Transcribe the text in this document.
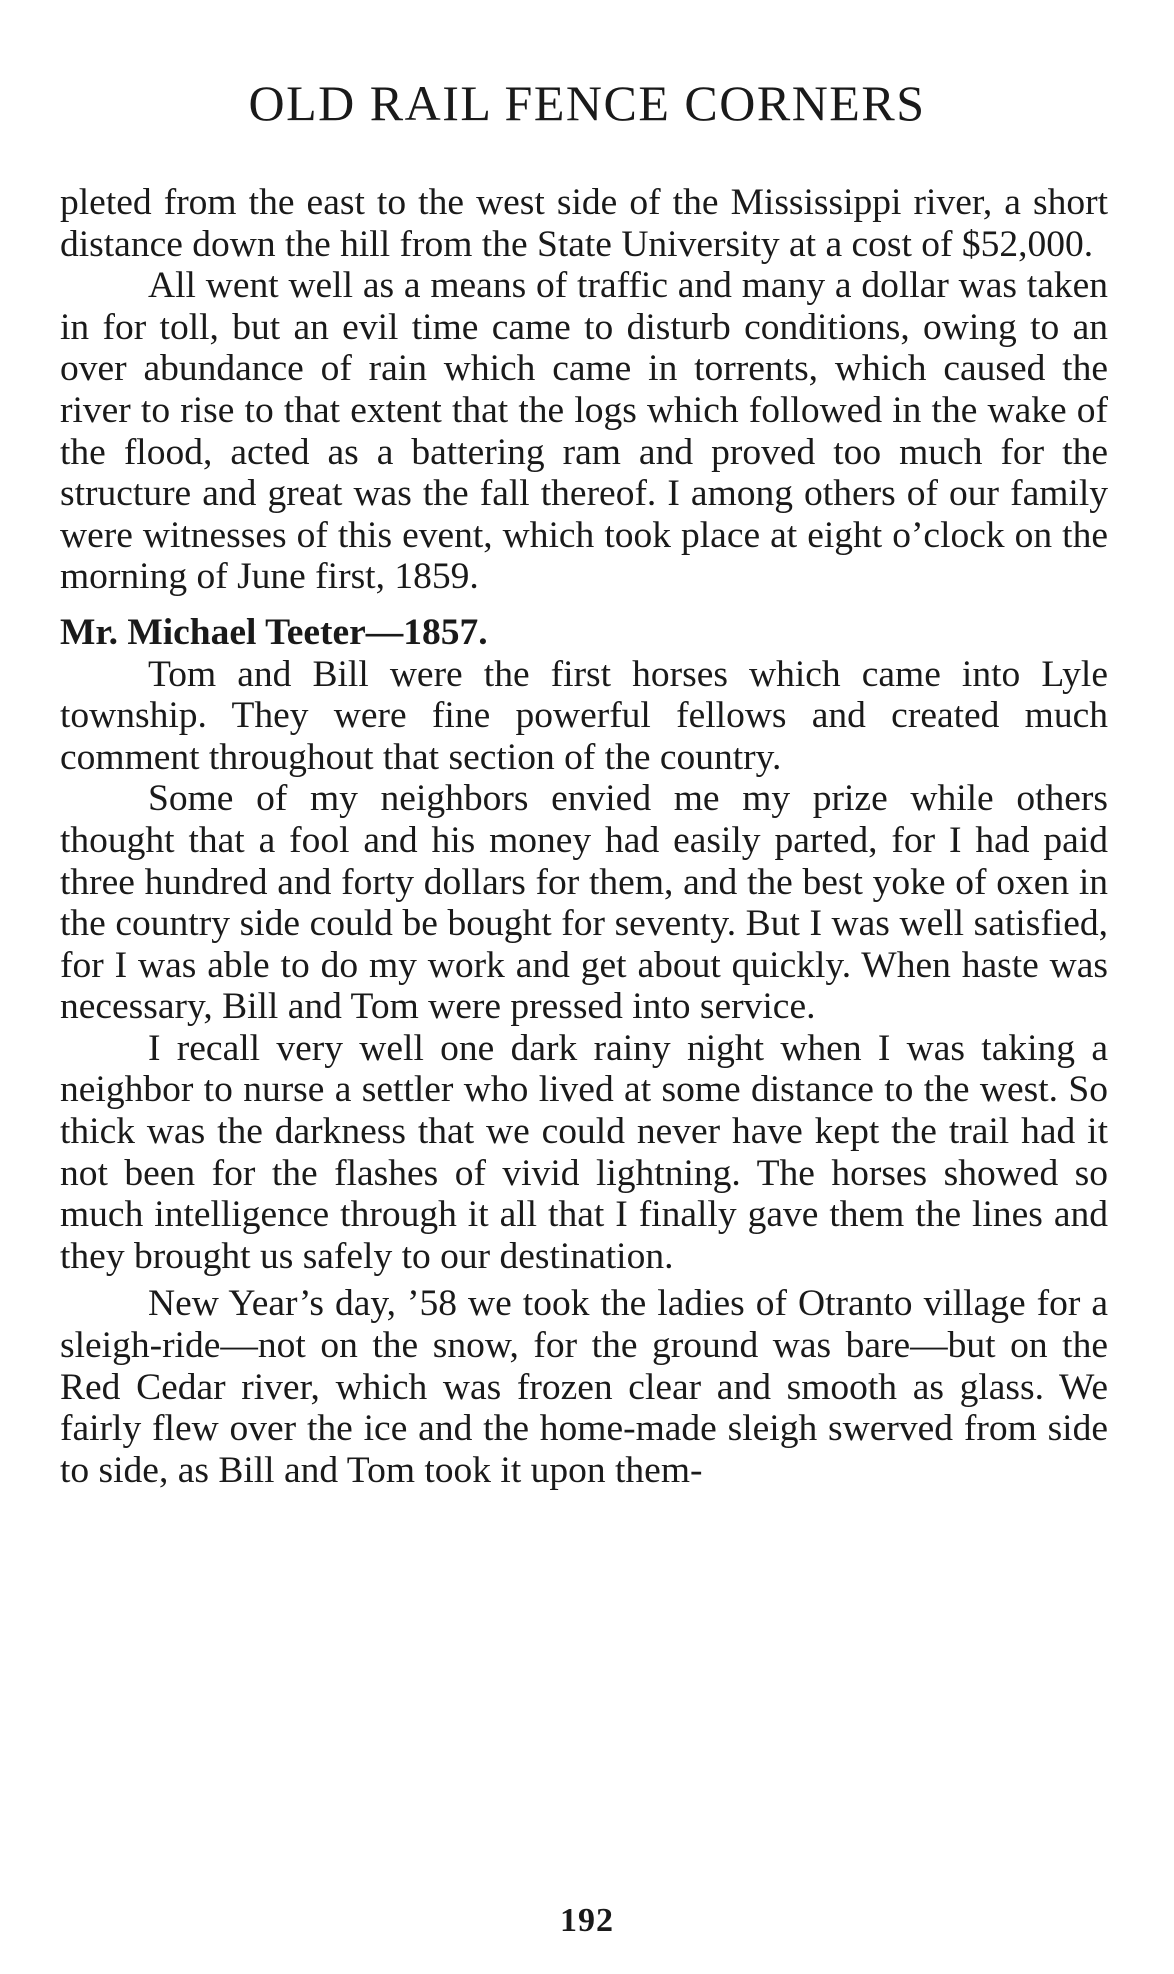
OLD RAIL FENCE CORNERS

pleted from the east to the west side of the Mississippi river, a short distance down the hill from the State University at a cost of $52,000.

All went well as a means of traffic and many a dollar was taken in for toll, but an evil time came to disturb conditions, owing to an over abundance of rain which came in torrents, which caused the river to rise to that extent that the logs which followed in the wake of the flood, acted as a battering ram and proved too much for the structure and great was the fall thereof. I among others of our family were witnesses of this event, which took place at eight o’clock on the morning of June first, 1859.

Mr. Michael Teeter—1857.

Tom and Bill were the first horses which came into Lyle township. They were fine powerful fellows and created much comment throughout that section of the country.

Some of my neighbors envied me my prize while others thought that a fool and his money had easily parted, for I had paid three hundred and forty dollars for them, and the best yoke of oxen in the country side could be bought for seventy. But I was well satisfied, for I was able to do my work and get about quickly. When haste was necessary, Bill and Tom were pressed into service.

I recall very well one dark rainy night when I was taking a neighbor to nurse a settler who lived at some distance to the west. So thick was the darkness that we could never have kept the trail had it not been for the flashes of vivid lightning. The horses showed so much intelligence through it all that I finally gave them the lines and they brought us safely to our destination.

New Year’s day, ’58 we took the ladies of Otranto village for a sleigh-ride—not on the snow, for the ground was bare—but on the Red Cedar river, which was frozen clear and smooth as glass. We fairly flew over the ice and the home-made sleigh swerved from side to side, as Bill and Tom took it upon them-

192
